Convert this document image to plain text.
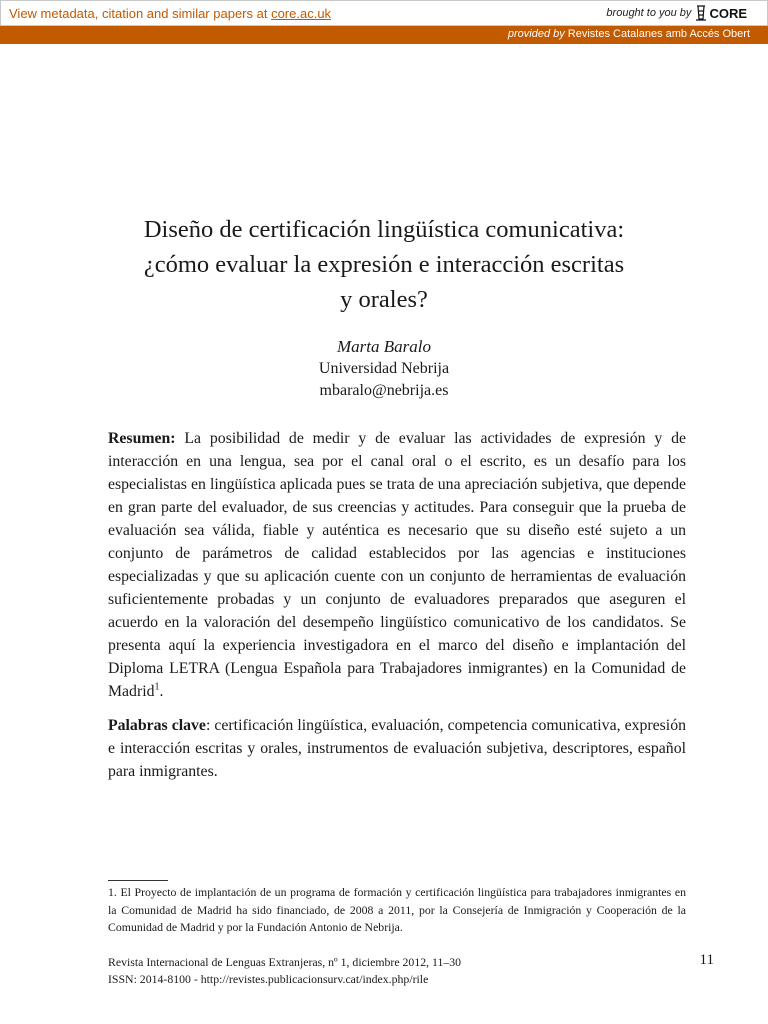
View metadata, citation and similar papers at core.ac.uk	brought to you by CORE
provided by Revistes Catalanes amb Accés Obert
Diseño de certificación lingüística comunicativa:
¿cómo evaluar la expresión e interacción escritas
y orales?
Marta Baralo
Universidad Nebrija
mbaralo@nebrija.es

Resumen: La posibilidad de medir y de evaluar las actividades de expresión y de interacción en una lengua, sea por el canal oral o el escrito, es un desafío para los especialistas en lingüística aplicada pues se trata de una apreciación subjetiva, que depende en gran parte del evaluador, de sus creencias y actitudes. Para conseguir que la prueba de evaluación sea válida, fiable y auténtica es necesario que su diseño esté sujeto a un conjunto de parámetros de calidad establecidos por las agencias e instituciones especializadas y que su aplicación cuente con un conjunto de herramientas de evaluación suficientemente probadas y un conjunto de evaluadores preparados que aseguren el acuerdo en la valoración del desempeño lingüístico comunicativo de los candidatos. Se presenta aquí la experiencia investigadora en el marco del diseño e implantación del Diploma LETRA (Lengua Española para Trabajadores inmigrantes) en la Comunidad de Madrid$^1$.

Palabras clave: certificación lingüística, evaluación, competencia comunicativa, expresión e interacción escritas y orales, instrumentos de evaluación subjetiva, descriptores, español para inmigrantes.

1. El Proyecto de implantación de un programa de formación y certificación lingüística para trabajadores inmigrantes en la Comunidad de Madrid ha sido financiado, de 2008 a 2011, por la Consejería de Inmigración y Cooperación de la Comunidad de Madrid y por la Fundación Antonio de Nebrija.

Revista Internacional de Lenguas Extranjeras, nº 1, diciembre 2012, 11–30
ISSN: 2014-8100 - http://revistes.publicacionsurv.cat/index.php/rile
11
